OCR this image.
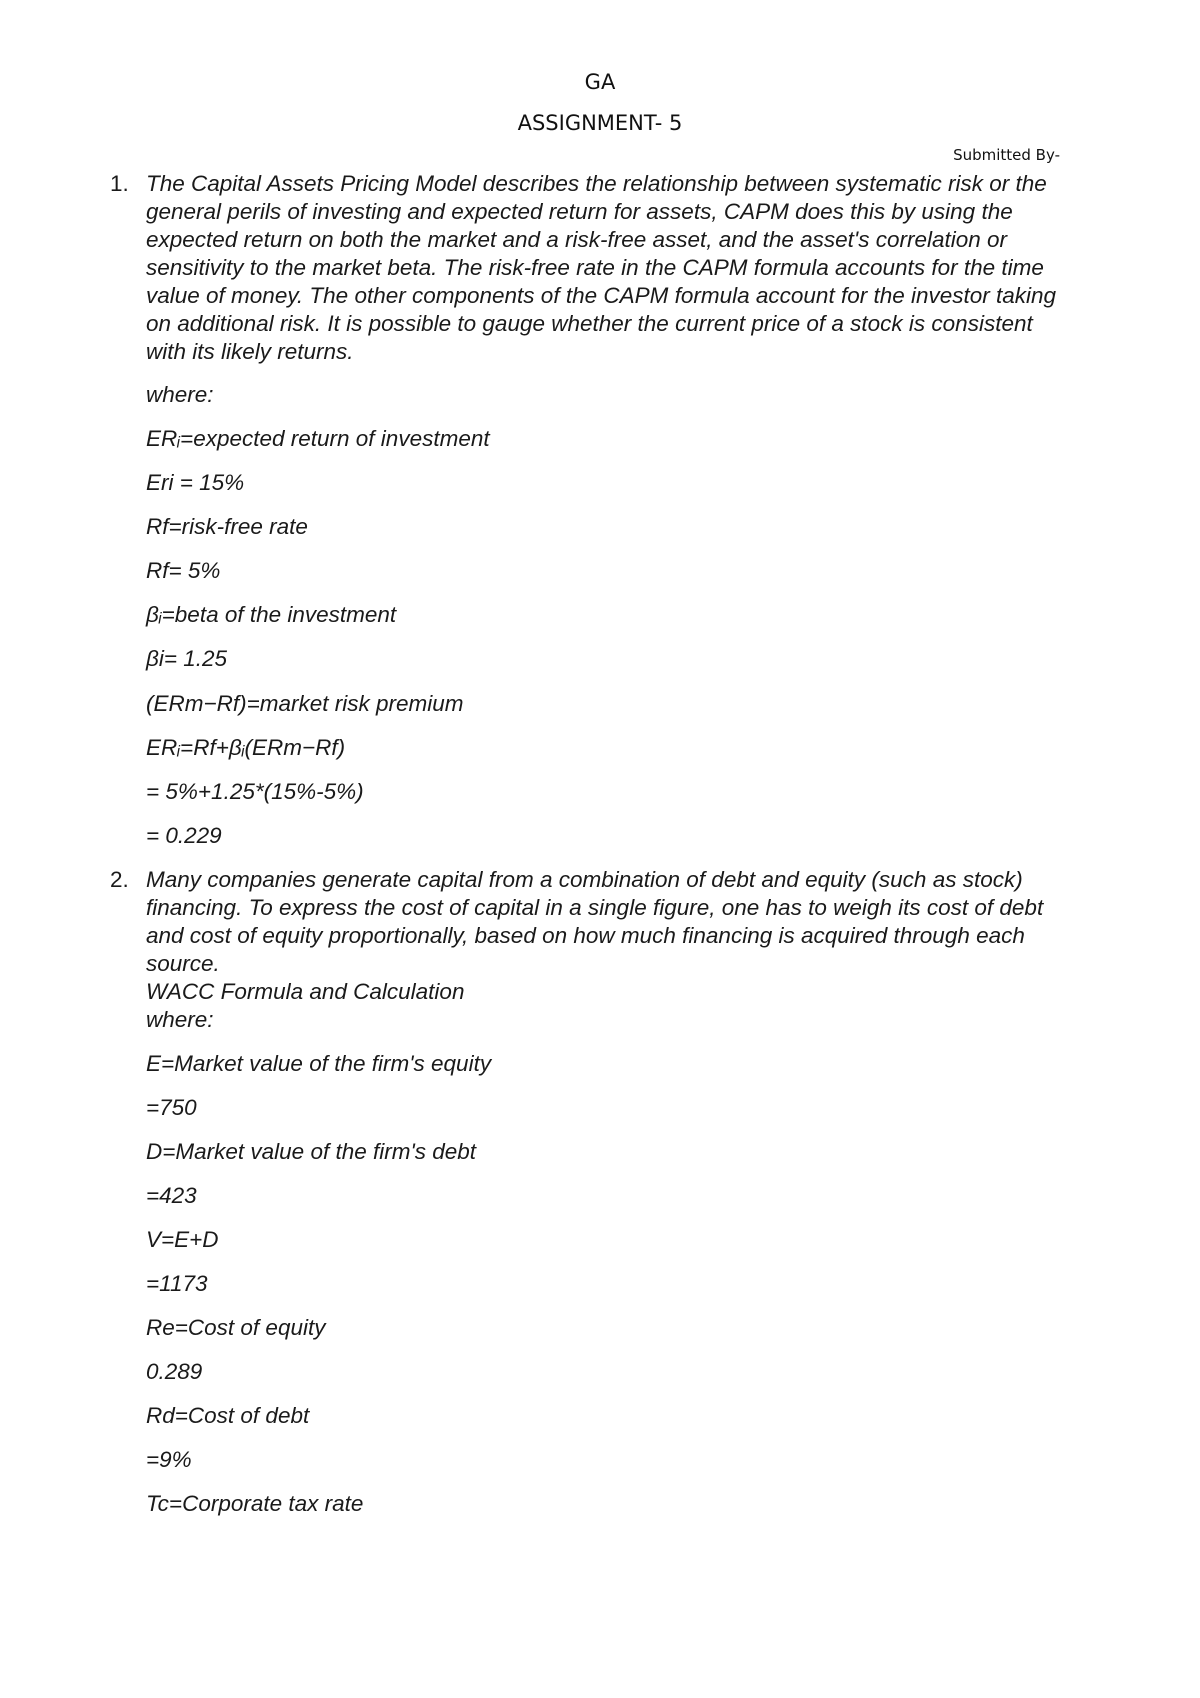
GA
ASSIGNMENT- 5
Submitted By-
1. The Capital Assets Pricing Model describes the relationship between systematic risk or the general perils of investing and expected return for assets, CAPM does this by using the expected return on both the market and a risk-free asset, and the asset's correlation or sensitivity to the market beta. The risk-free rate in the CAPM formula accounts for the time value of money. The other components of the CAPM formula account for the investor taking on additional risk. It is possible to gauge whether the current price of a stock is consistent with its likely returns.
where:
ERᵢ=expected return of investment
Eri = 15%
Rf=risk-free rate
Rf= 5%
βᵢ=beta of the investment
βi= 1.25
(ERm−Rf)=market risk premium
ERᵢ=Rf+βᵢ(ERm−Rf)
= 5%+1.25*(15%-5%)
= 0.229
2. Many companies generate capital from a combination of debt and equity (such as stock) financing. To express the cost of capital in a single figure, one has to weigh its cost of debt and cost of equity proportionally, based on how much financing is acquired through each source.
WACC Formula and Calculation
where:
E=Market value of the firm's equity
=750
D=Market value of the firm's debt
=423
V=E+D
=1173
Re=Cost of equity
0.289
Rd=Cost of debt
=9%
Tc=Corporate tax rate
